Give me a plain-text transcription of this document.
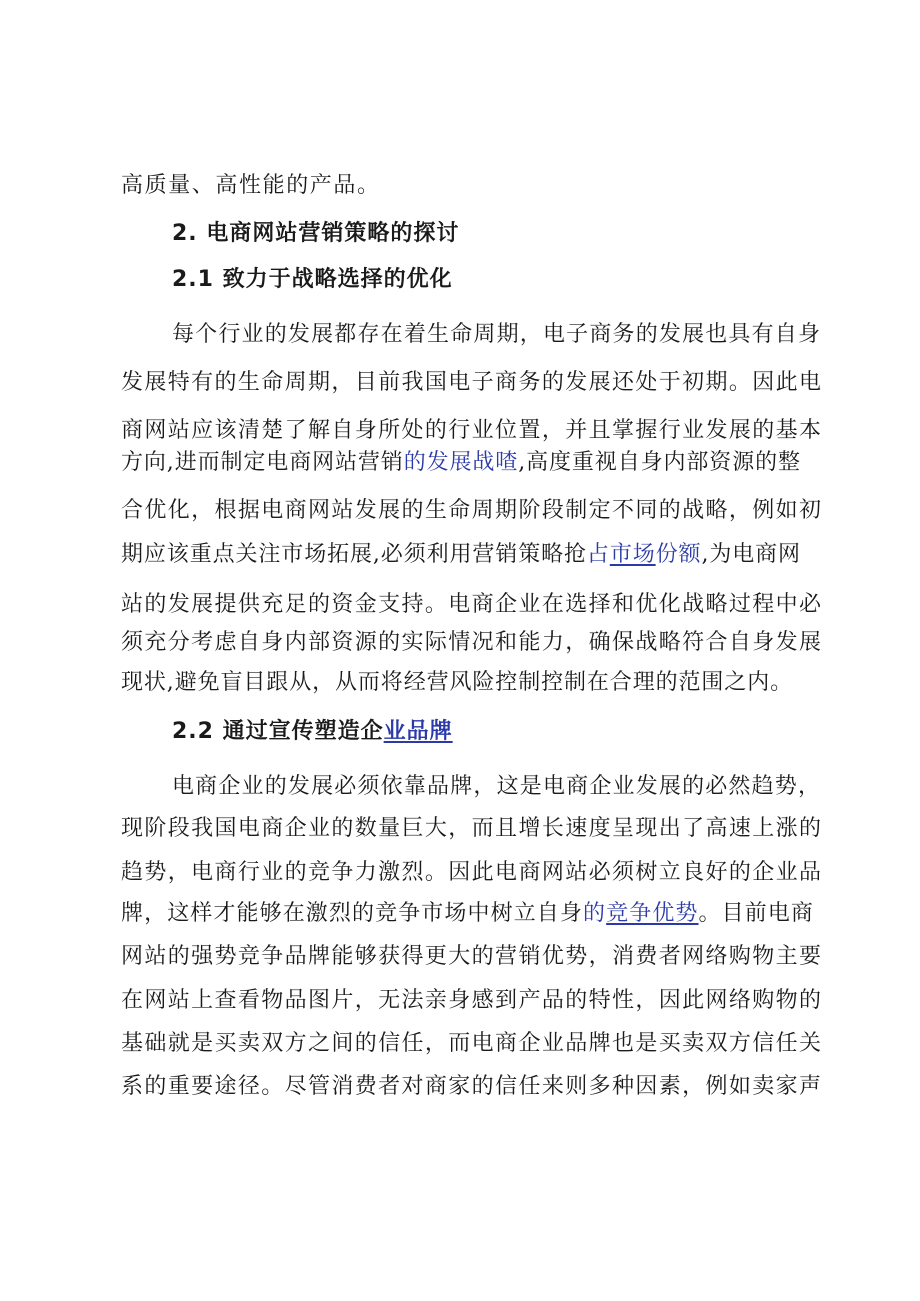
高质量、高性能的产品。
2. 电商网站营销策略的探讨
2.1 致力于战略选择的优化
每个行业的发展都存在着生命周期，电子商务的发展也具有自身
发展特有的生命周期，目前我国电子商务的发展还处于初期。因此电
商网站应该清楚了解自身所处的行业位置，并且掌握行业发展的基本
方向,进而制定电商网站营销的发展战喳,高度重视自身内部资源的整
合优化，根据电商网站发展的生命周期阶段制定不同的战略，例如初
期应该重点关注市场拓展,必须利用营销策略抢占市场份额,为电商网
站的发展提供充足的资金支持。电商企业在选择和优化战略过程中必
须充分考虑自身内部资源的实际情况和能力，确保战略符合自身发展
现状,避免盲目跟从，从而将经营风险控制控制在合理的范围之内。
2.2 通过宣传塑造企业品牌
电商企业的发展必须依靠品牌，这是电商企业发展的必然趋势，
现阶段我国电商企业的数量巨大，而且增长速度呈现出了高速上涨的
趋势，电商行业的竞争力激烈。因此电商网站必须树立良好的企业品
牌，这样才能够在激烈的竞争市场中树立自身的竞争优势。目前电商
网站的强势竞争品牌能够获得更大的营销优势，消费者网络购物主要
在网站上查看物品图片，无法亲身感到产品的特性，因此网络购物的
基础就是买卖双方之间的信任，而电商企业品牌也是买卖双方信任关
系的重要途径。尽管消费者对商家的信任来则多种因素，例如卖家声
